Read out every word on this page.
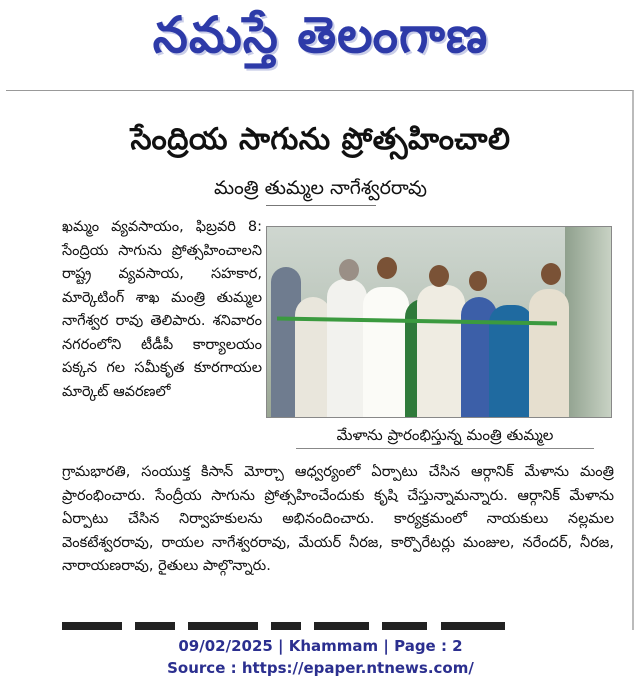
నమస్తే తెలంగాణ
సేంద్రియ సాగును ప్రోత్సహించాలి
మంత్రి తుమ్మల నాగేశ్వరరావు
ఖమ్మం వ్యవసాయం, ఫిబ్రవరి 8: సేంద్రియ సాగును ప్రోత్సహించాలని రాష్ట్ర వ్యవసాయ, సహకార, మార్కెటింగ్ శాఖ మంత్రి తుమ్మల నాగేశ్వర రావు తెలిపారు. శనివారం నగరంలోని టీడీపీ కార్యాలయం పక్కన గల సమీకృత కూరగాయల మార్కెట్ ఆవరణలో
మేళాను ప్రారంభిస్తున్న మంత్రి తుమ్మల
గ్రామభారతి, సంయుక్త కిసాన్ మోర్చా ఆధ్వర్యంలో ఏర్పాటు చేసిన ఆర్గానిక్ మేళాను మంత్రి ప్రారంభించారు. సేంద్రీయ సాగును ప్రోత్సహించేందుకు కృషి చేస్తున్నామన్నారు. ఆర్గానిక్ మేళాను ఏర్పాటు చేసిన నిర్వాహకులను అభినందించారు. కార్యక్రమంలో నాయకులు నల్లమల వెంకటేశ్వరరావు, రాయల నాగేశ్వరరావు, మేయర్ నీరజ, కార్పొరేటర్లు మంజుల, నరేందర్, నీరజ, నారాయణరావు, రైతులు పాల్గొన్నారు.

09/02/2025 | Khammam | Page : 2
Source : https://epaper.ntnews.com/
